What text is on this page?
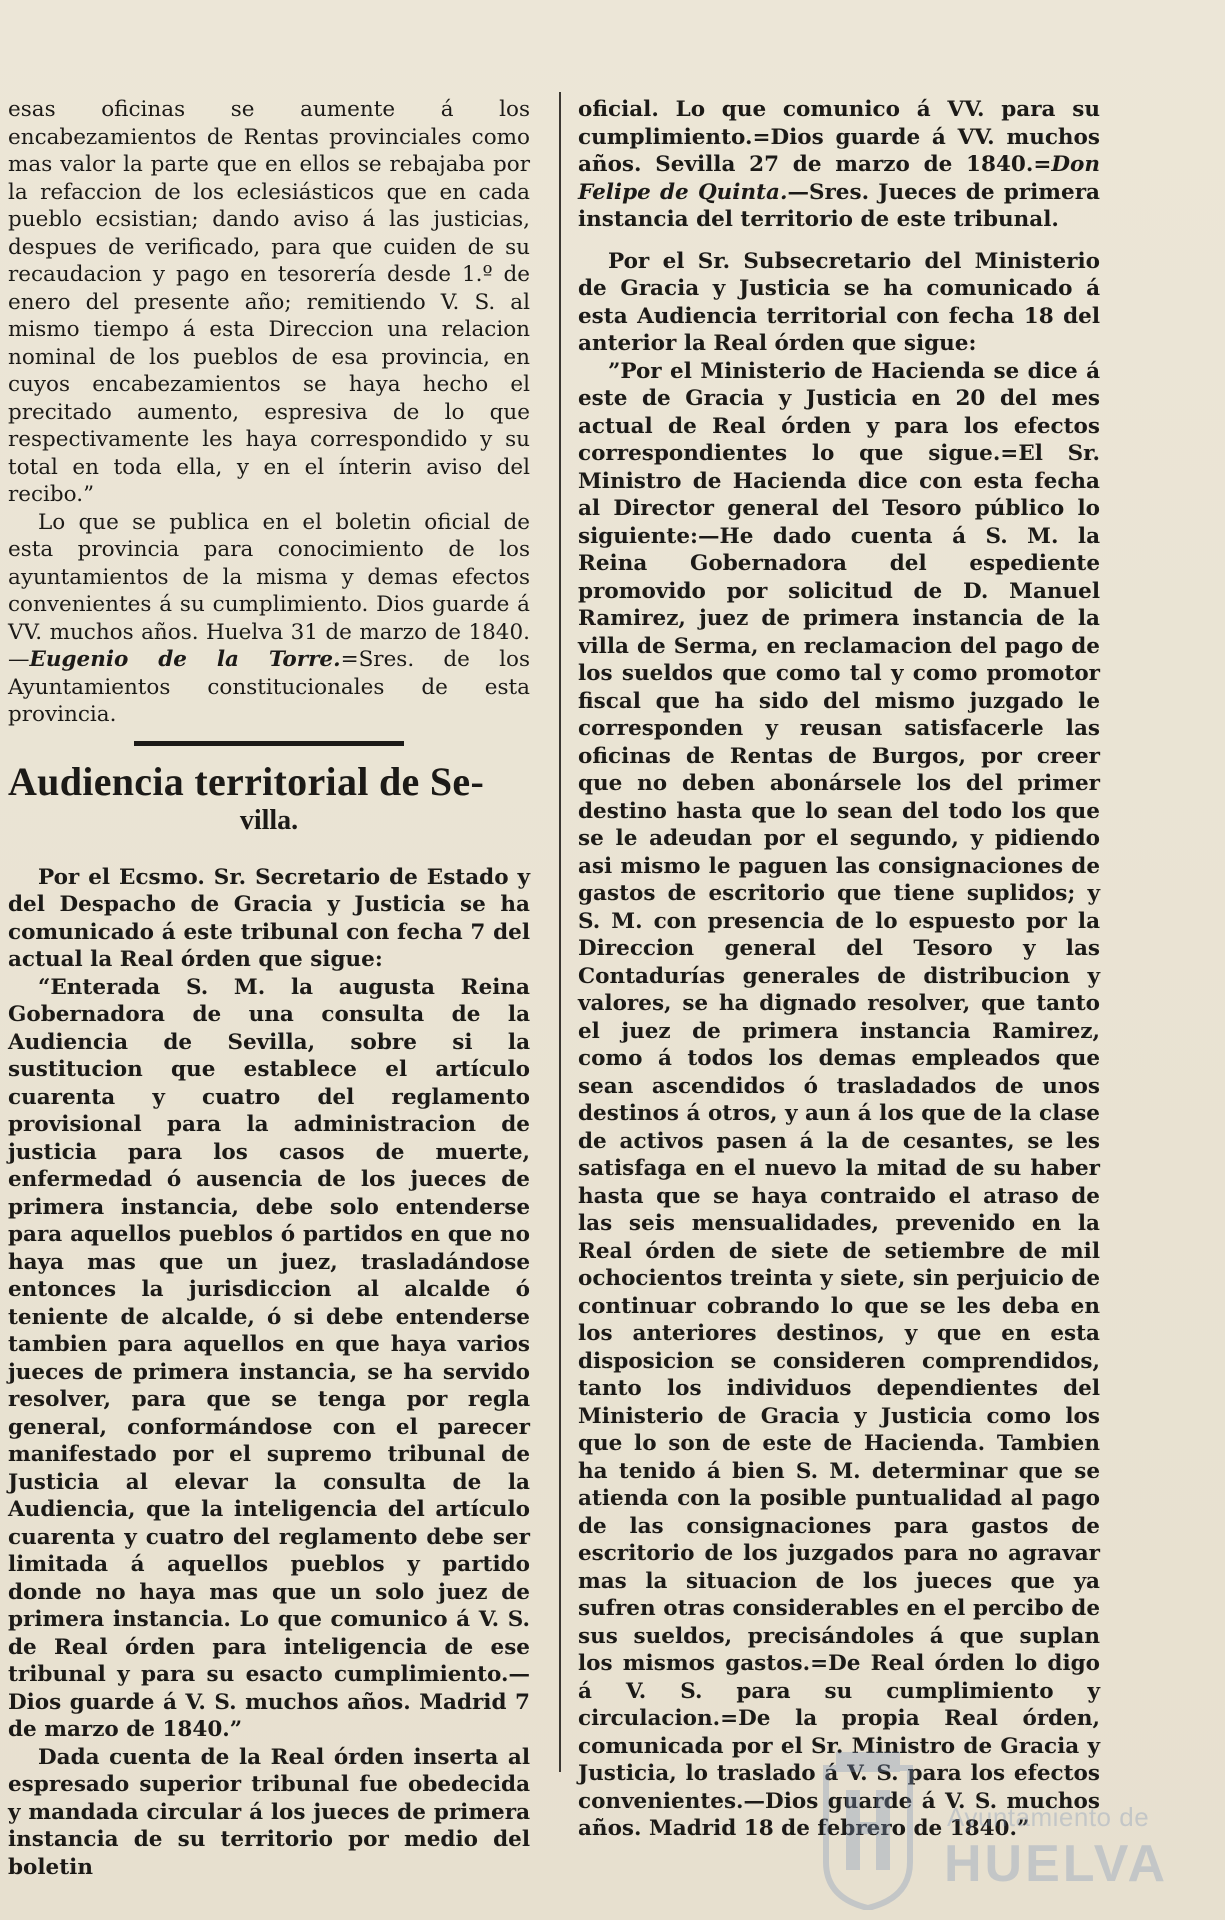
esas oficinas se aumente á los encabezamientos de Rentas provinciales como mas valor la parte que en ellos se rebajaba por la refaccion de los eclesiásticos que en cada pueblo ecsistian; dando aviso á las justicias, despues de verificado, para que cuiden de su recaudacion y pago en tesorería desde 1.º de enero del presente año; remitiendo V. S. al mismo tiempo á esta Direccion una relacion nominal de los pueblos de esa provincia, en cuyos encabezamientos se haya hecho el precitado aumento, espresiva de lo que respectivamente les haya correspondido y su total en toda ella, y en el ínterin aviso del recibo.”

Lo que se publica en el boletin oficial de esta provincia para conocimiento de los ayuntamientos de la misma y demas efectos convenientes á su cumplimiento. Dios guarde á VV. muchos años. Huelva 31 de marzo de 1840.—Eugenio de la Torre.=Sres. de los Ayuntamientos constitucionales de esta provincia.

Audiencia territorial de Se-
villa.

Por el Ecsmo. Sr. Secretario de Estado y del Despacho de Gracia y Justicia se ha comunicado á este tribunal con fecha 7 del actual la Real órden que sigue:

“Enterada S. M. la augusta Reina Gobernadora de una consulta de la Audiencia de Sevilla, sobre si la sustitucion que establece el artículo cuarenta y cuatro del reglamento provisional para la administracion de justicia para los casos de muerte, enfermedad ó ausencia de los jueces de primera instancia, debe solo entenderse para aquellos pueblos ó partidos en que no haya mas que un juez, trasladándose entonces la jurisdiccion al alcalde ó teniente de alcalde, ó si debe entenderse tambien para aquellos en que haya varios jueces de primera instancia, se ha servido resolver, para que se tenga por regla general, conformándose con el parecer manifestado por el supremo tribunal de Justicia al elevar la consulta de la Audiencia, que la inteligencia del artículo cuarenta y cuatro del reglamento debe ser limitada á aquellos pueblos y partido donde no haya mas que un solo juez de primera instancia. Lo que comunico á V. S. de Real órden para inteligencia de ese tribunal y para su esacto cumplimiento.—Dios guarde á V. S. muchos años. Madrid 7 de marzo de 1840.”

Dada cuenta de la Real órden inserta al espresado superior tribunal fue obedecida y mandada circular á los jueces de primera instancia de su territorio por medio del boletin

oficial. Lo que comunico á VV. para su cumplimiento.=Dios guarde á VV. muchos años. Sevilla 27 de marzo de 1840.=Don Felipe de Quinta.—Sres. Jueces de primera instancia del territorio de este tribunal.

Por el Sr. Subsecretario del Ministerio de Gracia y Justicia se ha comunicado á esta Audiencia territorial con fecha 18 del anterior la Real órden que sigue:

”Por el Ministerio de Hacienda se dice á este de Gracia y Justicia en 20 del mes actual de Real órden y para los efectos correspondientes lo que sigue.=El Sr. Ministro de Hacienda dice con esta fecha al Director general del Tesoro público lo siguiente:—He dado cuenta á S. M. la Reina Gobernadora del espediente promovido por solicitud de D. Manuel Ramirez, juez de primera instancia de la villa de Serma, en reclamacion del pago de los sueldos que como tal y como promotor fiscal que ha sido del mismo juzgado le corresponden y reusan satisfacerle las oficinas de Rentas de Burgos, por creer que no deben abonársele los del primer destino hasta que lo sean del todo los que se le adeudan por el segundo, y pidiendo asi mismo le paguen las consignaciones de gastos de escritorio que tiene suplidos; y S. M. con presencia de lo espuesto por la Direccion general del Tesoro y las Contadurías generales de distribucion y valores, se ha dignado resolver, que tanto el juez de primera instancia Ramirez, como á todos los demas empleados que sean ascendidos ó trasladados de unos destinos á otros, y aun á los que de la clase de activos pasen á la de cesantes, se les satisfaga en el nuevo la mitad de su haber hasta que se haya contraido el atraso de las seis mensualidades, prevenido en la Real órden de siete de setiembre de mil ochocientos treinta y siete, sin perjuicio de continuar cobrando lo que se les deba en los anteriores destinos, y que en esta disposicion se consideren comprendidos, tanto los individuos dependientes del Ministerio de Gracia y Justicia como los que lo son de este de Hacienda. Tambien ha tenido á bien S. M. determinar que se atienda con la posible puntualidad al pago de las consignaciones para gastos de escritorio de los juzgados para no agravar mas la situacion de los jueces que ya sufren otras considerables en el percibo de sus sueldos, precisándoles á que suplan los mismos gastos.=De Real órden lo digo á V. S. para su cumplimiento y circulacion.=De la propia Real órden, comunicada por el Sr. Ministro de Gracia y Justicia, lo traslado á V. S. para los efectos convenientes.—Dios guarde á V. S. muchos años. Madrid 18 de febrero de 1840.”

Ayuntamiento de
HUELVA
